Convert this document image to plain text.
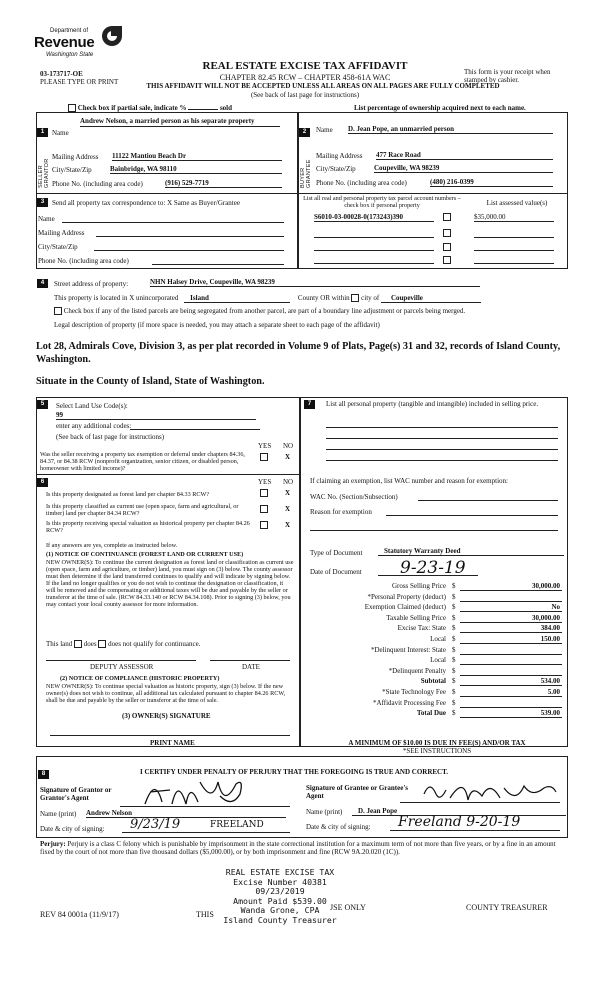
Department of
Revenue
Washington State
03-173717-OE
PLEASE TYPE OR PRINT
REAL ESTATE EXCISE TAX AFFIDAVIT
CHAPTER 82.45 RCW – CHAPTER 458-61A WAC
THIS AFFIDAVIT WILL NOT BE ACCEPTED UNLESS ALL AREAS ON ALL PAGES ARE FULLY COMPLETED
(See back of last page for instructions)
This form is your receipt when stamped by cashier.
Check box if partial sale, indicate %	sold	List percentage of ownership acquired next to each name.
1	2
SELLER GRANTOR	BUYER GRANTEE
Name
Andrew Nelson, a married person as his separate property
Mailing Address 11122 Mantiou Beach Dr
City/State/Zip	Bainbridge, WA 98110
Phone No. (including area code)	(916) 529-7719
Name D. Jean Pope, an unmarried person
Mailing Address 477 Race Road
City/State/Zip	Coupeville, WA 98239
Phone No. (including area code)	(480) 216-0399
3	Send all property tax correspondence to: X Same as Buyer/Grantee
Name
Mailing Address
City/State/Zip
Phone No. (including area code)
List all real and personal property tax parcel account numbers – check box if personal property	List assessed value(s)
S6010-03-00028-0(173243)390	$35,000.00
4	Street address of property:	NHN Halsey Drive, Coupeville, WA 98239
This property is located in X unincorporated Island	County OR within city of Coupeville
Check box if any of the listed parcels are being segregated from another parcel, are part of a boundary line adjustment or parcels being merged.
Legal description of property (if more space is needed, you may attach a separate sheet to each page of the affidavit)
Lot 28, Admirals Cove, Division 3, as per plat recorded in Volume 9 of Plats, Page(s) 31 and 32, records of Island County, Washington.
Situate in the County of Island, State of Washington.
5	Select Land Use Code(s):
99
enter any additional codes:
(See back of last page for instructions)
YES NO
Was the seller receiving a property tax exemption or deferral under chapters 84.36, 84.37, or 84.38 RCW (nonprofit organization, senior citizen, or disabled person, homeowner with limited income)?
X
6	YES NO
Is this property designated as forest land per chapter 84.33 RCW?	X
Is this property classified as current use (open space, farm and agricultural, or timber) land per chapter 84.34 RCW?
X
Is this property receiving special valuation as historical property per chapter 84.26 RCW?
X
If any answers are yes, complete as instructed below.
(1) NOTICE OF CONTINUANCE (FOREST LAND OR CURRENT USE)
NEW OWNER(S): To continue the current designation as forest land or classification as current use (open space, farm and agriculture, or timber) land, you must sign on (3) below. The county assessor must then determine if the land transferred continues to qualify and will indicate by signing below. If the land no longer qualifies or you do not wish to continue the designation or classification, it will be removed and the compensating or additional taxes will be due and payable by the seller or transferor at the time of sale. (RCW 84.33.140 or RCW 84.34.108). Prior to signing (3) below, you may contact your local county assessor for more information.
This land does does not qualify for continuance.
DEPUTY ASSESSOR	DATE
(2) NOTICE OF COMPLIANCE (HISTORIC PROPERTY)
NEW OWNER(S): To continue special valuation as historic property, sign (3) below. If the new owner(s) does not wish to continue, all additional tax calculated pursuant to chapter 84.26 RCW, shall be due and payable by the seller or transferor at the time of sale.
(3) OWNER(S) SIGNATURE
PRINT NAME
7	List all personal property (tangible and intangible) included in selling price.
If claiming an exemption, list WAC number and reason for exemption:
WAC No. (Section/Subsection)
Reason for exemption
Type of Document	Statutory Warranty Deed
Date of Document 9-23-19
Gross Selling Price $	30,000.00
*Personal Property (deduct) $
Exemption Claimed (deduct) $	No
Taxable Selling Price $	30,000.00
Excise Tax: State $	384.00
Local $	150.00
*Delinquent Interest: State $
Local $
*Delinquent Penalty $
Subtotal $	534.00
*State Technology Fee $	5.00
*Affidavit Processing Fee $
Total Due $	539.00
A MINIMUM OF $10.00 IS DUE IN FEE(S) AND/OR TAX
*SEE INSTRUCTIONS
8	I CERTIFY UNDER PENALTY OF PERJURY THAT THE FOREGOING IS TRUE AND CORRECT.
Signature of Grantor or Grantor's Agent
Name (print) Andrew Nelson
Date & city of signing: 9/23/19	FREELAND
Signature of Grantee or Grantee's Agent
Name (print)	D. Jean Pope
Date & city of signing: Freeland 9-20-19
Perjury: Perjury is a class C felony which is punishable by imprisonment in the state correctional institution for a maximum term of not more than five years, or by a fine in an amount fixed by the court of not more than five thousand dollars ($5,000.00), or by both imprisonment and fine (RCW 9A.20.020 (1C)).
REAL ESTATE EXCISE TAX
Excise Number 40381
09/23/2019
Amount Paid $539.00
Wanda Grone, CPA
Island County Treasurer
REV 84 0001a (11/9/17)	THIS
JSE ONLY	COUNTY TREASURER
